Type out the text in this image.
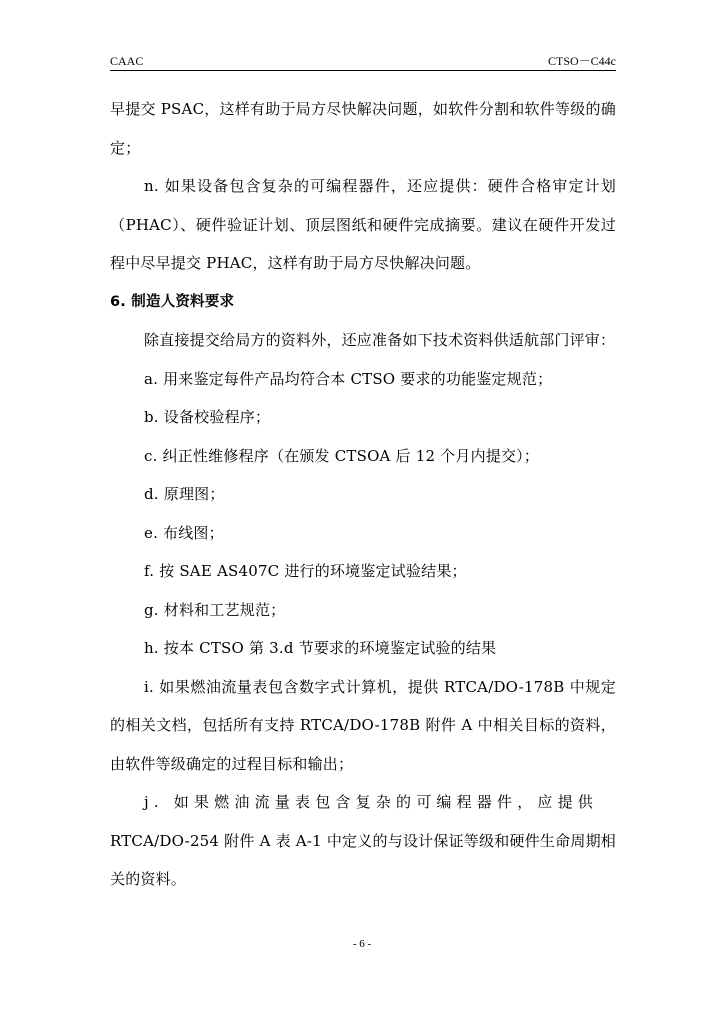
CAAC	CTSO－C44c

早提交 PSAC，这样有助于局方尽快解决问题，如软件分割和软件等级的确定；

n. 如果设备包含复杂的可编程器件，还应提供：硬件合格审定计划（PHAC）、硬件验证计划、顶层图纸和硬件完成摘要。建议在硬件开发过程中尽早提交 PHAC，这样有助于局方尽快解决问题。

6. 制造人资料要求

除直接提交给局方的资料外，还应准备如下技术资料供适航部门评审：

a. 用来鉴定每件产品均符合本 CTSO 要求的功能鉴定规范；

b. 设备校验程序；

c. 纠正性维修程序（在颁发 CTSOA 后 12 个月内提交）；

d. 原理图；

e. 布线图；

f. 按 SAE AS407C 进行的环境鉴定试验结果；

g. 材料和工艺规范；

h. 按本 CTSO 第 3.d 节要求的环境鉴定试验的结果

i. 如果燃油流量表包含数字式计算机，提供 RTCA/DO-178B 中规定的相关文档，包括所有支持 RTCA/DO-178B 附件 A 中相关目标的资料，由软件等级确定的过程目标和输出；

j. 如果燃油流量表包含复杂的可编程器件，应提供

RTCA/DO-254 附件 A 表 A-1 中定义的与设计保证等级和硬件生命周期相关的资料。

- 6 -
